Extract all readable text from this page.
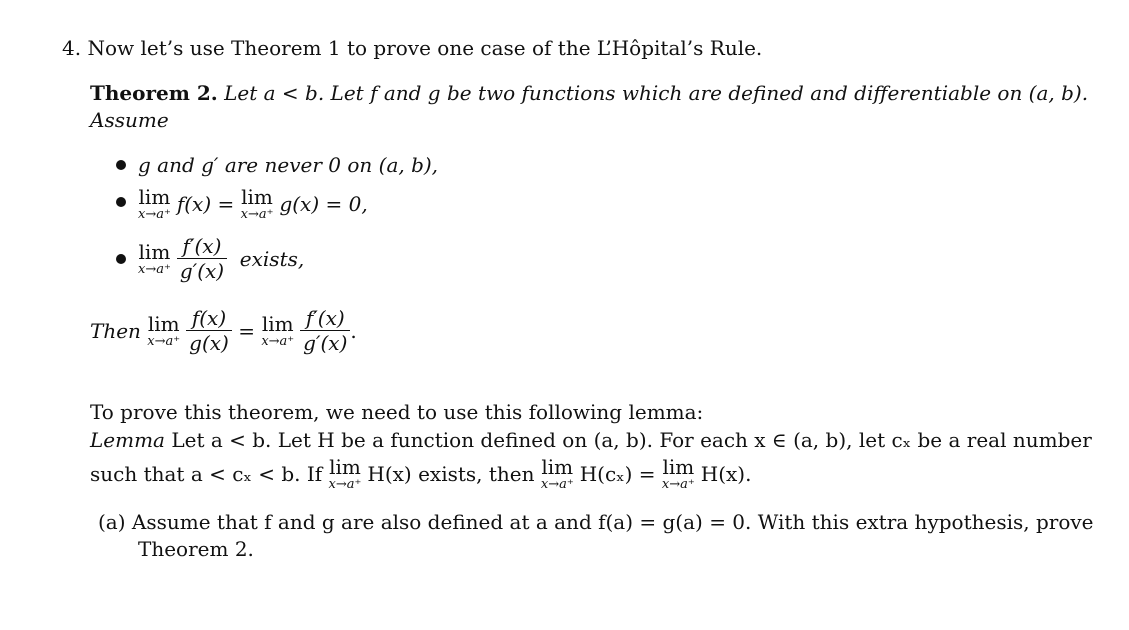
4. Now let’s use Theorem 1 to prove one case of the L’Hôpital’s Rule.
Theorem 2. Let a < b. Let f and g be two functions which are defined and differentiable on (a, b).
Assume
g and g′ are never 0 on (a, b),
lim
x→a⁺ f(x) =
lim
x→a⁺ g(x) = 0,
lim
$x\to a^+ \frac{f'(x)}{g'(x)}$
exists,
Then
lim
$x\to a^+ \frac{f(x)}{g(x)}$
=
lim
$x\to a^+ \frac{f'(x)}{g'(x)}$ .
To prove this theorem, we need to use this following lemma:
Lemma Let a < b. Let H be a function defined on (a, b). For each x ∈ (a, b), let cₓ be a real number
such that a < cₓ < b. If
lim
x→a⁺ H(x) exists, then
lim
x→a⁺ H(cₓ) =
lim
x→a⁺ H(x).
(a) Assume that f and g are also defined at a and f(a) = g(a) = 0. With this extra hypothesis, prove
Theorem 2.
